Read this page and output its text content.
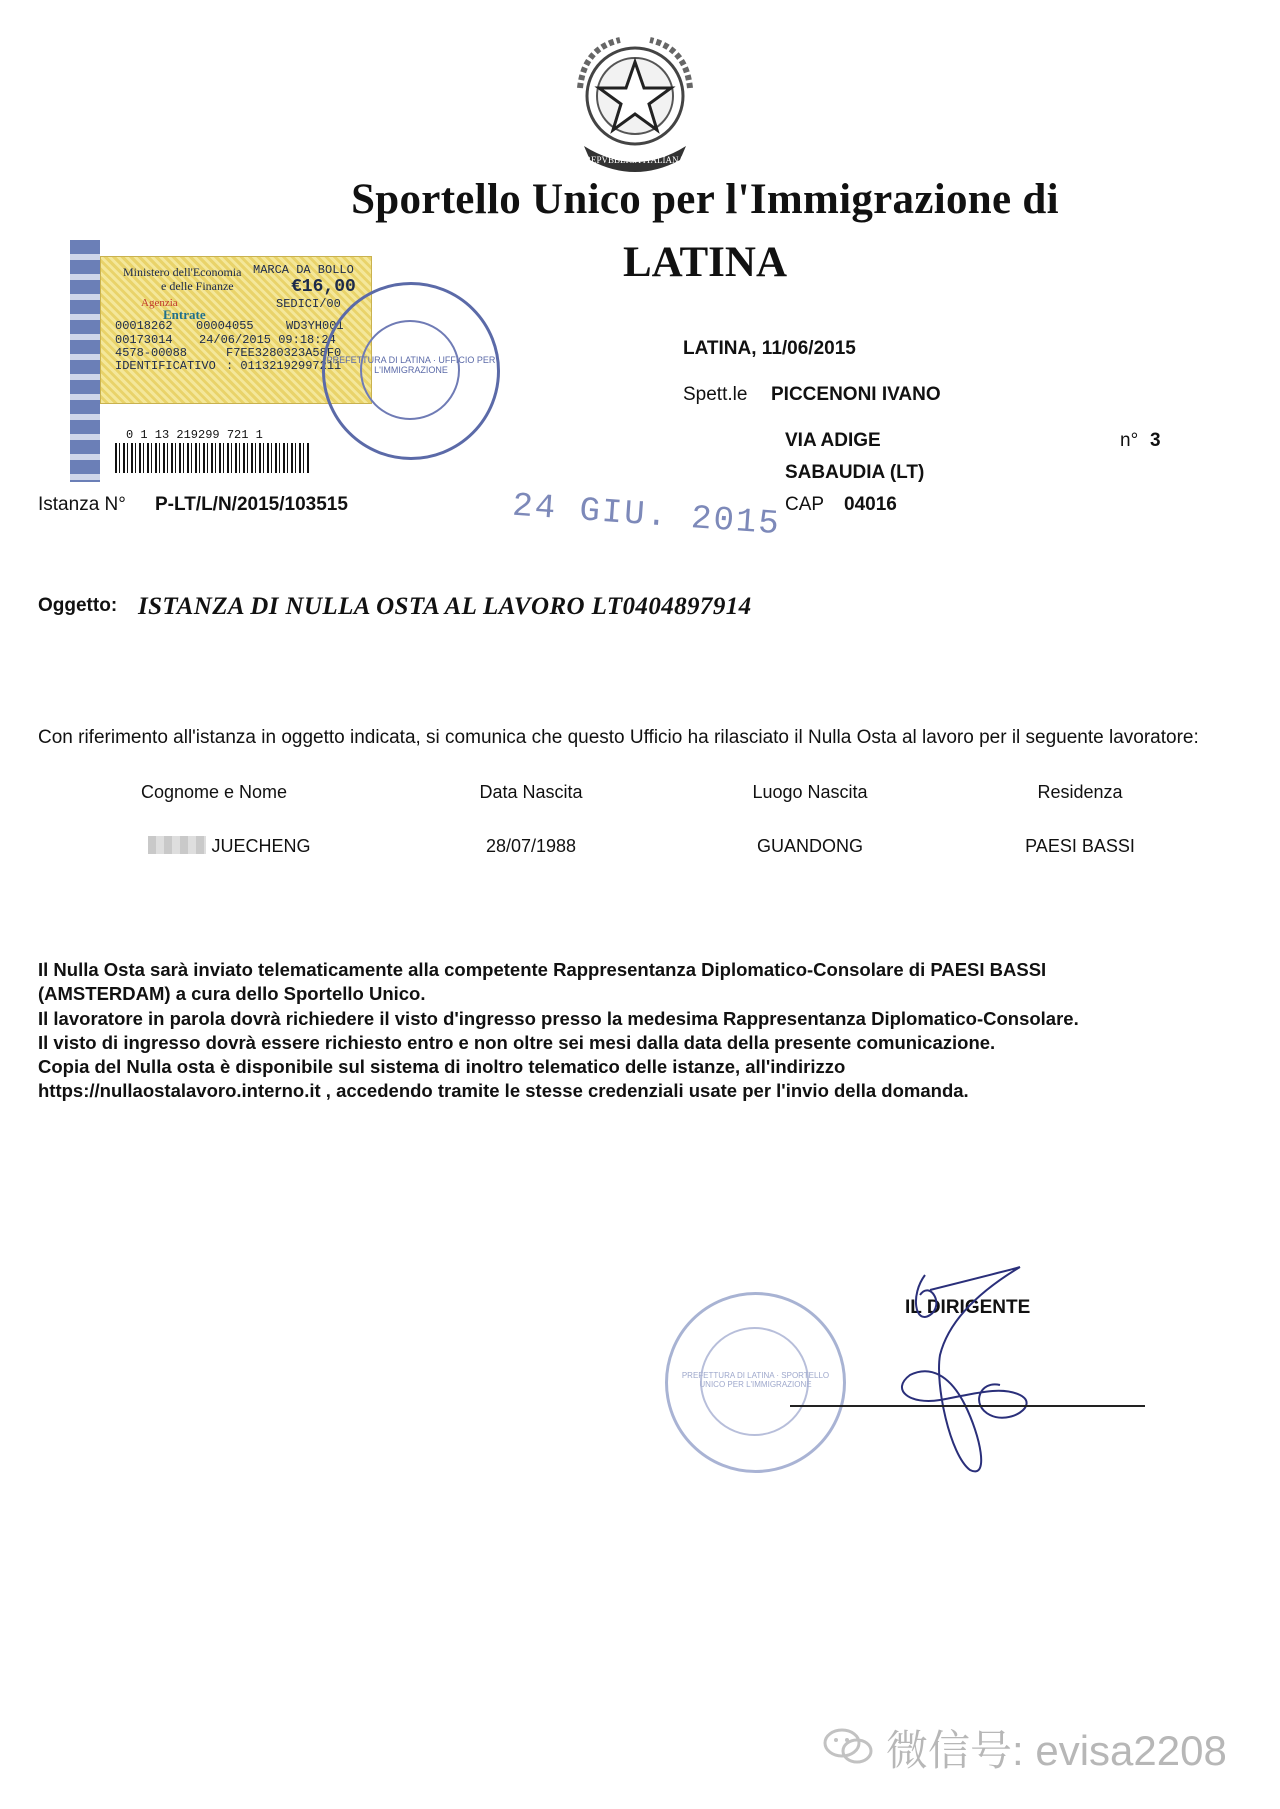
REPVBBLICA ITALIANA
Sportello Unico per l'Immigrazione di
LATINA
Ministero dell'Economia
e delle Finanze
MARCA DA BOLLO
€16,00
SEDICI/00
Agenzia
Entrate
00018262 00004055	WD3YH001
00173014 24/06/2015 09:18:24
4578-00088	F7EE3280323A58F0
IDENTIFICATIVO : 01132192997211
0 1 13 219299 721 1
PREFETTURA DI LATINA · UFFICIO PER L'IMMIGRAZIONE
24 GIU. 2015
LATINA, 11/06/2015
Spett.le PICCENONI IVANO
VIA ADIGE	n° 3
SABAUDIA (LT)
CAP 04016
Istanza N° P-LT/L/N/2015/103515
Oggetto: ISTANZA DI NULLA OSTA AL LAVORO LT0404897914
Con riferimento all'istanza in oggetto indicata, si comunica che questo Ufficio ha rilasciato il Nulla Osta al lavoro per il seguente lavoratore:
Cognome e Nome	Data Nascita	Luogo Nascita	Residenza
JUECHENG	28/07/1988	GUANDONG	PAESI BASSI
Il Nulla Osta sarà inviato telematicamente alla competente Rappresentanza Diplomatico-Consolare di PAESI BASSI
(AMSTERDAM) a cura dello Sportello Unico.
Il lavoratore in parola dovrà richiedere il visto d'ingresso presso la medesima Rappresentanza Diplomatico-Consolare.
Il visto di ingresso dovrà essere richiesto entro e non oltre sei mesi dalla data della presente comunicazione.
Copia del Nulla osta è disponibile sul sistema di inoltro telematico delle istanze, all'indirizzo
https://nullaostalavoro.interno.it , accedendo tramite le stesse credenziali usate per l'invio della domanda.
PREFETTURA DI LATINA · SPORTELLO UNICO PER L'IMMIGRAZIONE
IL DIRIGENTE
微信号: evisa2208
